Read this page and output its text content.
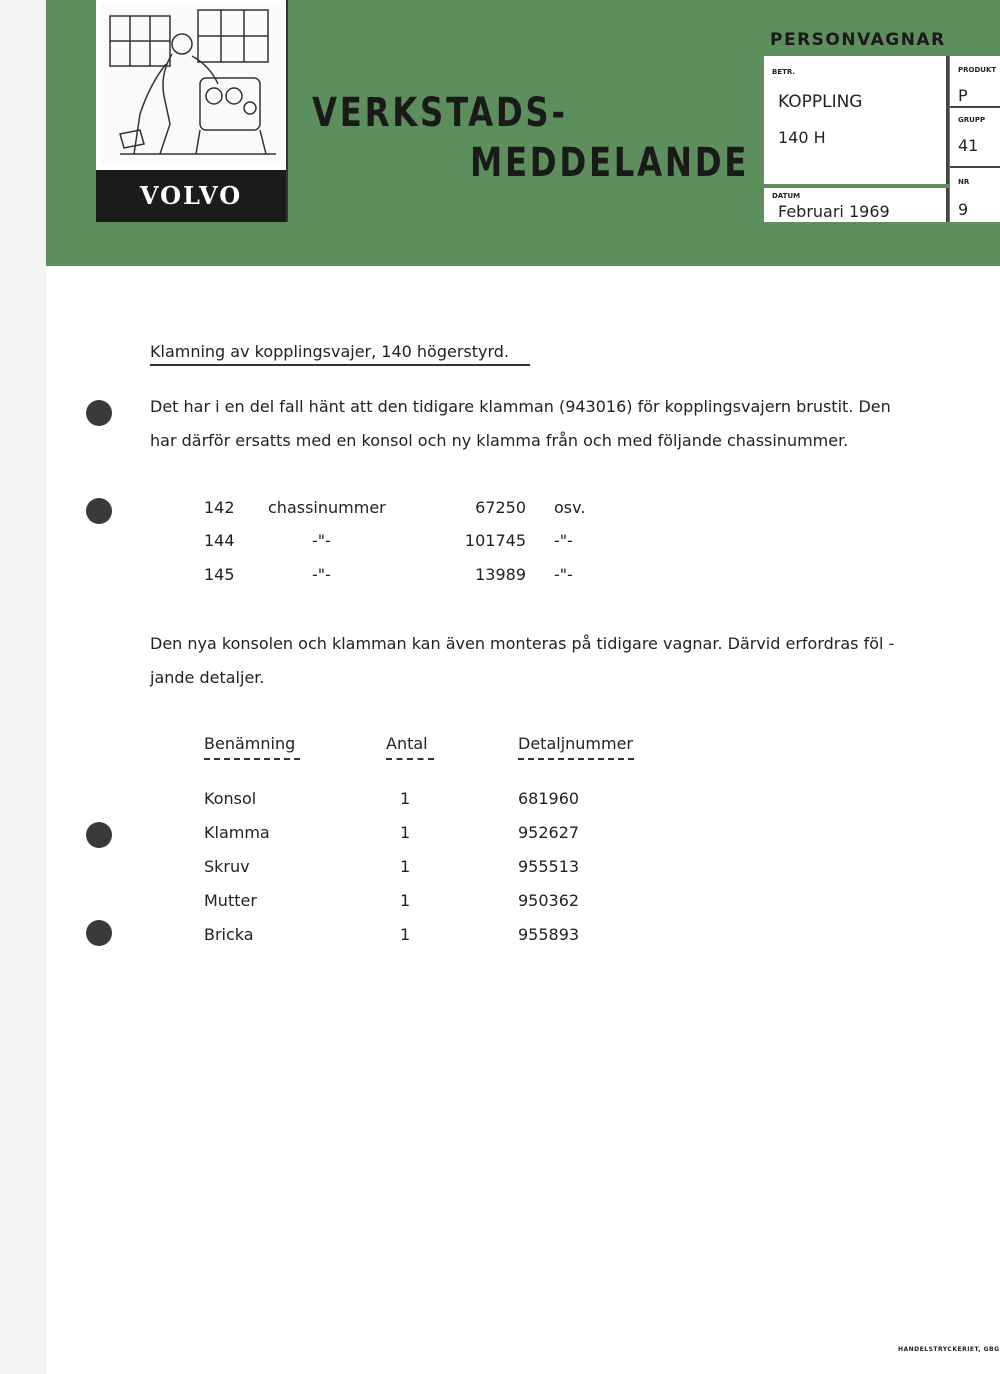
VOLVO
VERKSTADS-
MEDDELANDE
PERSONVAGNAR
BETR.
KOPPLING
140 H
DATUM
Februari 1969
PRODUKT
P
GRUPP
41
NR
9
Klamning av kopplingsvajer, 140 högerstyrd.
Det har i en del fall hänt att den tidigare klamman (943016) för kopplingsvajern brustit. Den
har därför ersatts med en konsol och ny klamma från och med följande chassinummer.
142 chassinummer	67250 osv.
144	-"-	101745 -"-
145	-"-	13989 -"-
Den nya konsolen och klamman kan även monteras på tidigare vagnar. Därvid erfordras föl -
jande detaljer.
Benämning	Antal	Detaljnummer
Konsol	1	681960
Klamma	1	952627
Skruv	1	955513
Mutter	1	950362
Bricka	1	955893
HANDELSTRYCKERIET, GBG
